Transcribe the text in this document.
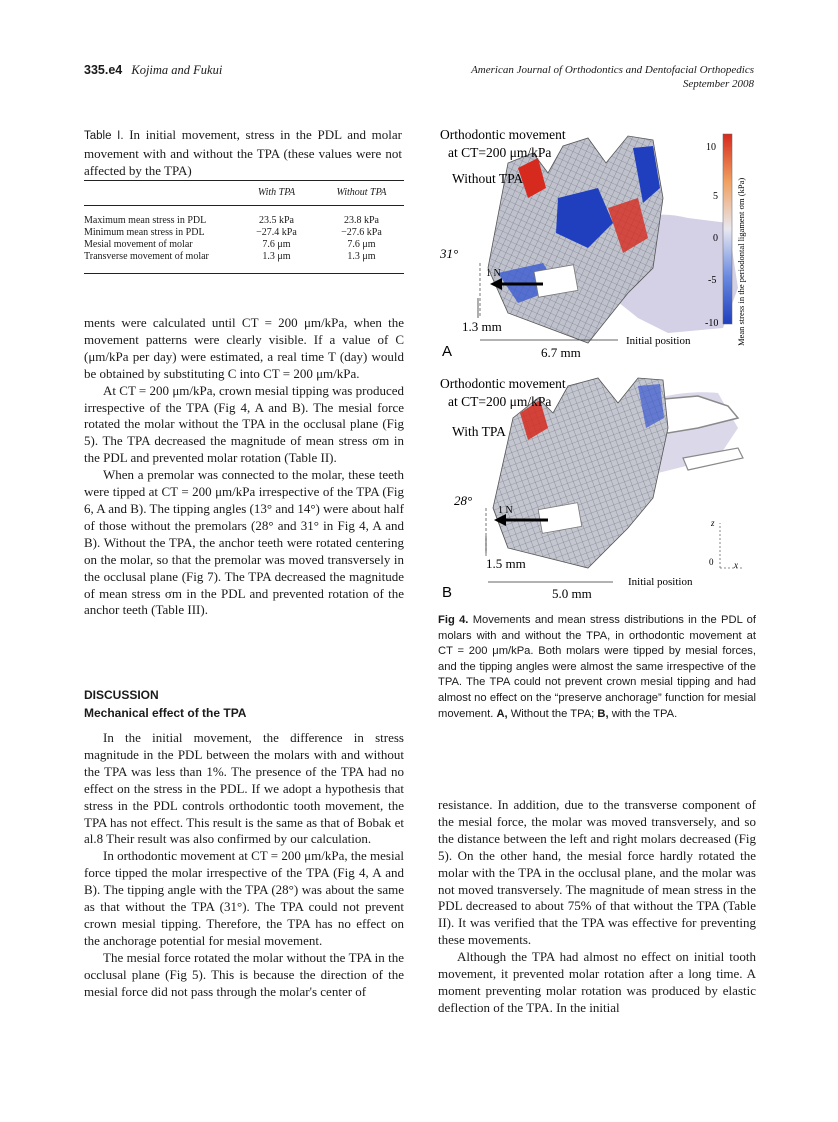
335.e4 Kojima and Fukui	American Journal of Orthodontics and Dentofacial Orthopedics
September 2008
Table I. In initial movement, stress in the PDL and molar movement with and without the TPA (these values were not affected by the TPA)
	With TPA	Without TPA
Maximum mean stress in PDL	23.5 kPa	23.8 kPa
Minimum mean stress in PDL	−27.4 kPa	−27.6 kPa
Mesial movement of molar	7.6 μm	7.6 μm
Transverse movement of molar	1.3 μm	1.3 μm

ments were calculated until CT = 200 μm/kPa, when the movement patterns were clearly visible. If a value of C (μm/kPa per day) were estimated, a real time T (day) would be obtained by substituting C into CT = 200 μm/kPa.

At CT = 200 μm/kPa, crown mesial tipping was produced irrespective of the TPA (Fig 4, A and B). The mesial force rotated the molar without the TPA in the occlusal plane (Fig 5). The TPA decreased the magnitude of mean stress σm in the PDL and prevented molar rotation (Table II).

When a premolar was connected to the molar, these teeth were tipped at CT = 200 μm/kPa irrespective of the TPA (Fig 6, A and B). The tipping angles (13° and 14°) were about half of those without the premolars (28° and 31° in Fig 4, A and B). Without the TPA, the anchor teeth were rotated centering on the molar, so that the premolar was moved transversely in the occlusal plane (Fig 7). The TPA decreased the magnitude of mean stress σm in the PDL and prevented rotation of the anchor teeth (Table III).

DISCUSSION
Mechanical effect of the TPA

In the initial movement, the difference in stress magnitude in the PDL between the molars with and without the TPA was less than 1%. The presence of the TPA had no effect on the stress in the PDL. If we adopt a hypothesis that stress in the PDL controls orthodontic tooth movement, the TPA has not effect. This result is the same as that of Bobak et al.8 Their result was also confirmed by our calculation.

In orthodontic movement at CT = 200 μm/kPa, the mesial force tipped the molar irrespective of the TPA (Fig 4, A and B). The tipping angle with the TPA (28°) was about the same as that without the TPA (31°). The TPA could not prevent crown mesial tipping. Therefore, the TPA has no effect on the anchorage potential for mesial movement.

The mesial force rotated the molar without the TPA in the occlusal plane (Fig 5). This is because the direction of the mesial force did not pass through the molar's center of

resistance. In addition, due to the transverse component of the mesial force, the molar was moved transversely, and so the distance between the left and right molars decreased (Fig 5). On the other hand, the mesial force hardly rotated the molar with the TPA in the occlusal plane, and the molar was not moved transversely. The magnitude of mean stress in the PDL decreased to about 75% of that without the TPA (Table II). It was verified that the TPA was effective for preventing these movements.

Although the TPA had almost no effect on initial tooth movement, it prevented molar rotation after a long time. A moment preventing molar rotation was produced by elastic deflection of the TPA. In the initial

Orthodontic movement
at CT=200 μm/kPa
Without TPA
10
5
0
-5
-10 Mean stress in the periodontal ligament σm (kPa)
31°
1 N
1.3 mm
6.7 mm
A
Initial position
Orthodontic movement
at CT=200 μm/kPa
With TPA
28°
1 N
1.5 mm
5.0 mm
B
Initial position
z
x
0
Fig 4. Movements and mean stress distributions in the PDL of molars with and without the TPA, in orthodontic movement at CT = 200 μm/kPa. Both molars were tipped by mesial forces, and the tipping angles were almost the same irrespective of the TPA. The TPA could not prevent crown mesial tipping and had almost no effect on the “preserve anchorage” function for mesial movement. A, Without the TPA; B, with the TPA.
